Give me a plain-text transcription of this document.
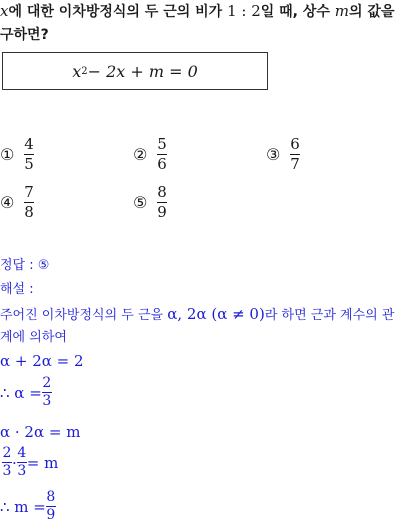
x에 대한 이차방정식의 두 근의 비가 1 : 2일 때, 상수 m의 값을
구하면?
x 2 − 2x + m = 0
① $\frac{4}{5}$	② $\frac{5}{6}$	③ $\frac{6}{7}$
④ $\frac{7}{8}$	⑤ $\frac{8}{9}$
정답 : ⑤
해설 :
주어진 이차방정식의 두 근을 α, 2α (α ≠ 0)라 하면 근과 계수의 관
계에 의하여
α + 2α = 2
∴ $\alpha = \frac{2}{3}$
α · 2α = m
$\frac{2}{3} \cdot \frac{4}{3} = m$
∴ $m = \frac{8}{9}$
